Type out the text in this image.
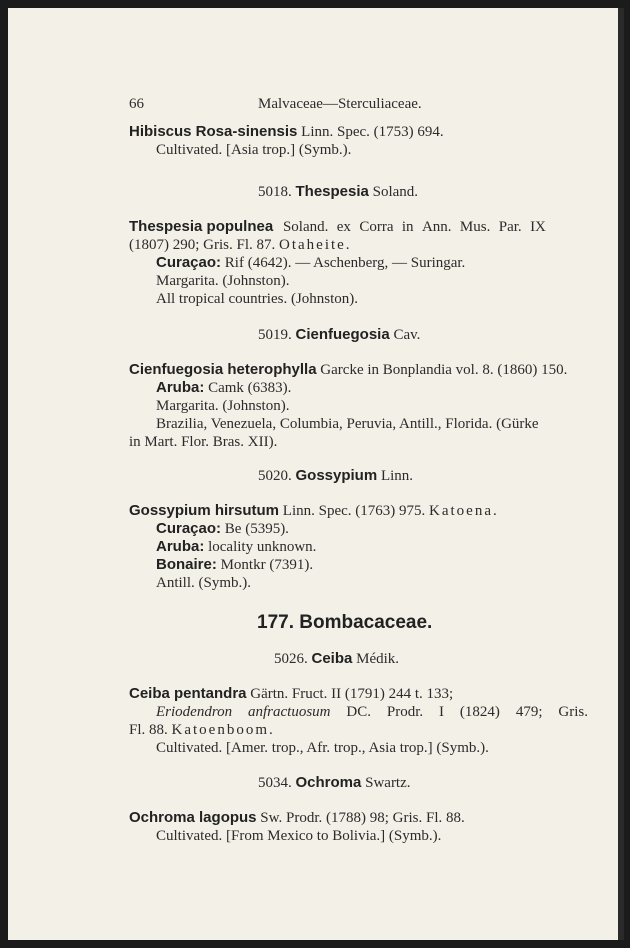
66	Malvaceae—Sterculiaceae.
Hibiscus Rosa-sinensis Linn. Spec. (1753) 694.
Cultivated. [Asia trop.] (Symb.).
5018. Thespesia Soland.
Thespesia populnea Soland. ex Corra in Ann. Mus. Par. IX
(1807) 290; Gris. Fl. 87. Otaheite.
Curaçao: Rif (4642). — Aschenberg, — Suringar.
Margarita. (Johnston).
All tropical countries. (Johnston).
5019. Cienfuegosia Cav.
Cienfuegosia heterophylla Garcke in Bonplandia vol. 8. (1860) 150.
Aruba: Camk (6383).
Margarita. (Johnston).
Brazilia, Venezuela, Columbia, Peruvia, Antill., Florida. (Gürke
in Mart. Flor. Bras. XII).
5020. Gossypium Linn.
Gossypium hirsutum Linn. Spec. (1763) 975. Katoena.
Curaçao: Be (5395).
Aruba: locality unknown.
Bonaire: Montkr (7391).
Antill. (Symb.).
177. Bombacaceae.
5026. Ceiba Médik.
Ceiba pentandra Gärtn. Fruct. II (1791) 244 t. 133;
Eriodendron anfractuosum DC. Prodr. I (1824) 479; Gris.
Fl. 88. Katoenboom.
Cultivated. [Amer. trop., Afr. trop., Asia trop.] (Symb.).
5034. Ochroma Swartz.
Ochroma lagopus Sw. Prodr. (1788) 98; Gris. Fl. 88.
Cultivated. [From Mexico to Bolivia.] (Symb.).
